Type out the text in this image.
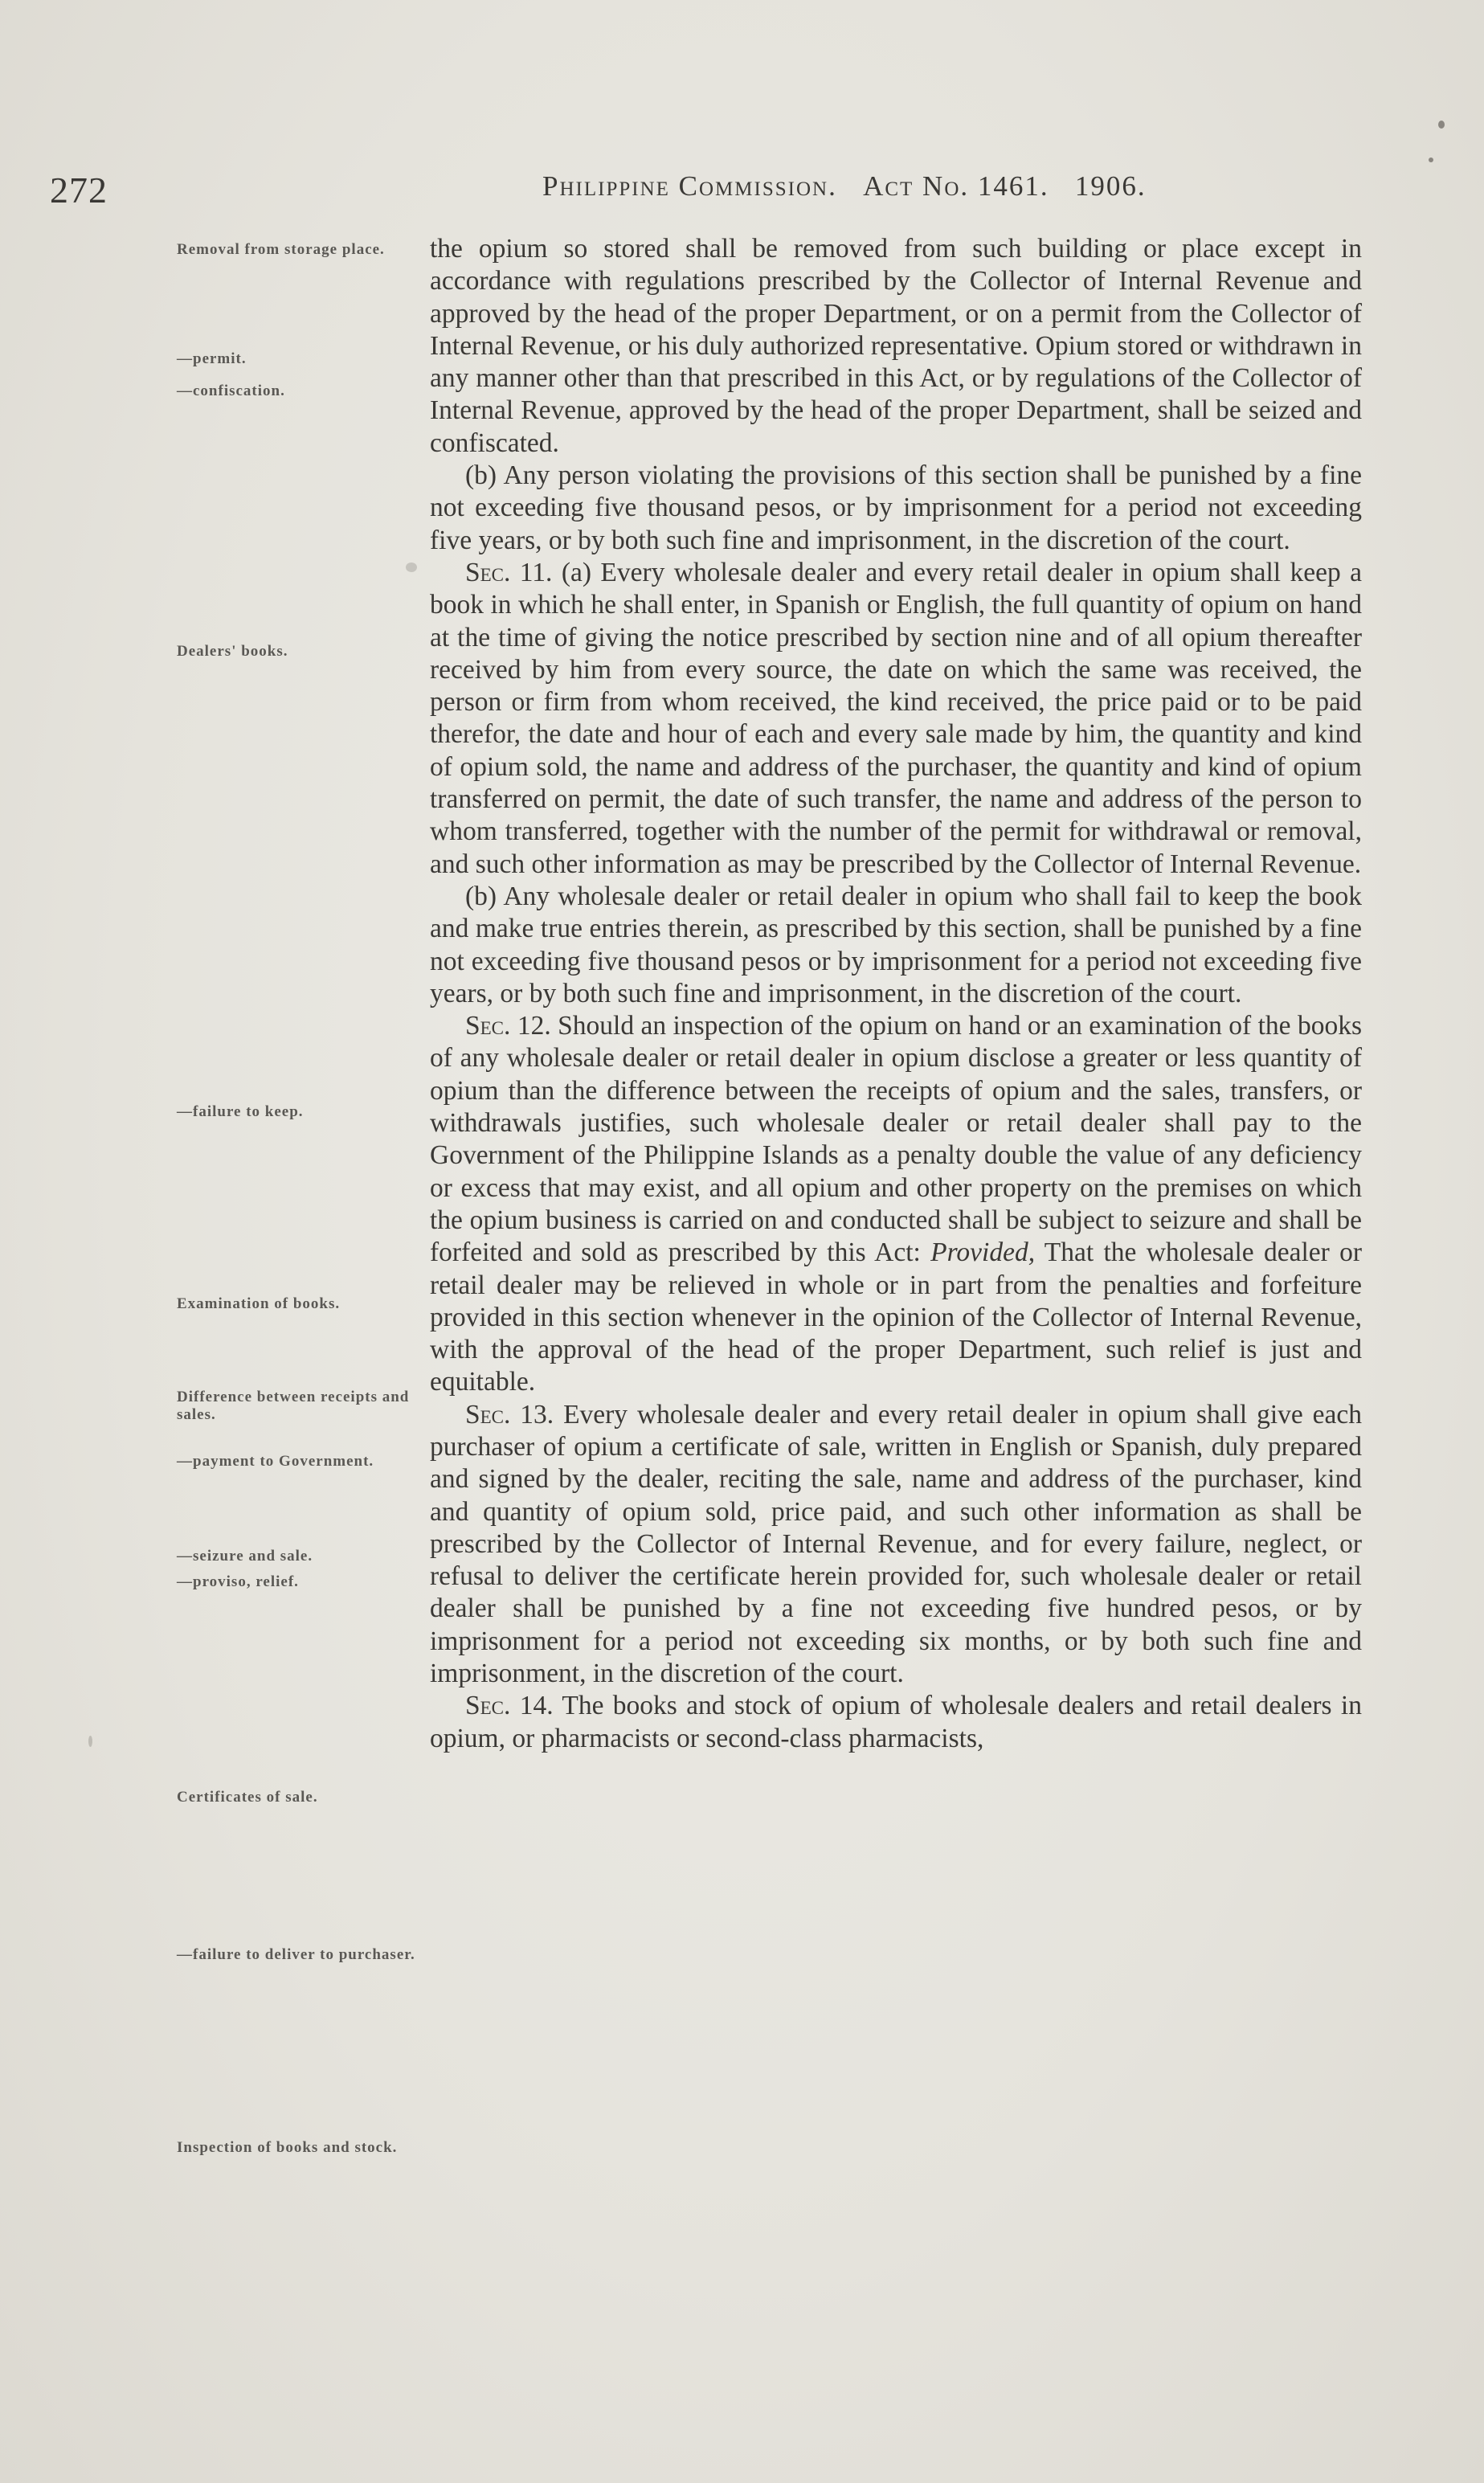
272	Philippine Commission. Act No. 1461. 1906.
Removal from storage place.
—permit.
—confiscation.
Dealers' books.
—failure to keep.
Examination of books.
Difference between receipts and sales.
—payment to Government.
—seizure and sale.
—proviso, relief.
Certificates of sale.
—failure to deliver to purchaser.
Inspection of books and stock.

the opium so stored shall be removed from such building or place except in accordance with regulations prescribed by the Collector of Internal Revenue and approved by the head of the proper Department, or on a permit from the Collector of Internal Revenue, or his duly authorized representative. Opium stored or withdrawn in any manner other than that prescribed in this Act, or by regulations of the Collector of Internal Revenue, approved by the head of the proper Department, shall be seized and confiscated.

(b) Any person violating the provisions of this section shall be punished by a fine not exceeding five thousand pesos, or by imprisonment for a period not exceeding five years, or by both such fine and imprisonment, in the discretion of the court.

Sec. 11. (a) Every wholesale dealer and every retail dealer in opium shall keep a book in which he shall enter, in Spanish or English, the full quantity of opium on hand at the time of giving the notice prescribed by section nine and of all opium thereafter received by him from every source, the date on which the same was received, the person or firm from whom received, the kind received, the price paid or to be paid therefor, the date and hour of each and every sale made by him, the quantity and kind of opium sold, the name and address of the purchaser, the quantity and kind of opium transferred on permit, the date of such transfer, the name and address of the person to whom transferred, together with the number of the permit for withdrawal or removal, and such other information as may be prescribed by the Collector of Internal Revenue.

(b) Any wholesale dealer or retail dealer in opium who shall fail to keep the book and make true entries therein, as prescribed by this section, shall be punished by a fine not exceeding five thousand pesos or by imprisonment for a period not exceeding five years, or by both such fine and imprisonment, in the discretion of the court.

Sec. 12. Should an inspection of the opium on hand or an examination of the books of any wholesale dealer or retail dealer in opium disclose a greater or less quantity of opium than the difference between the receipts of opium and the sales, transfers, or withdrawals justifies, such wholesale dealer or retail dealer shall pay to the Government of the Philippine Islands as a penalty double the value of any deficiency or excess that may exist, and all opium and other property on the premises on which the opium business is carried on and conducted shall be subject to seizure and shall be forfeited and sold as prescribed by this Act: Provided, That the wholesale dealer or retail dealer may be relieved in whole or in part from the penalties and forfeiture provided in this section whenever in the opinion of the Collector of Internal Revenue, with the approval of the head of the proper Department, such relief is just and equitable.

Sec. 13. Every wholesale dealer and every retail dealer in opium shall give each purchaser of opium a certificate of sale, written in English or Spanish, duly prepared and signed by the dealer, reciting the sale, name and address of the purchaser, kind and quantity of opium sold, price paid, and such other information as shall be prescribed by the Collector of Internal Revenue, and for every failure, neglect, or refusal to deliver the certificate herein provided for, such wholesale dealer or retail dealer shall be punished by a fine not exceeding five hundred pesos, or by imprisonment for a period not exceeding six months, or by both such fine and imprisonment, in the discretion of the court.

Sec. 14. The books and stock of opium of wholesale dealers and retail dealers in opium, or pharmacists or second-class pharmacists,
